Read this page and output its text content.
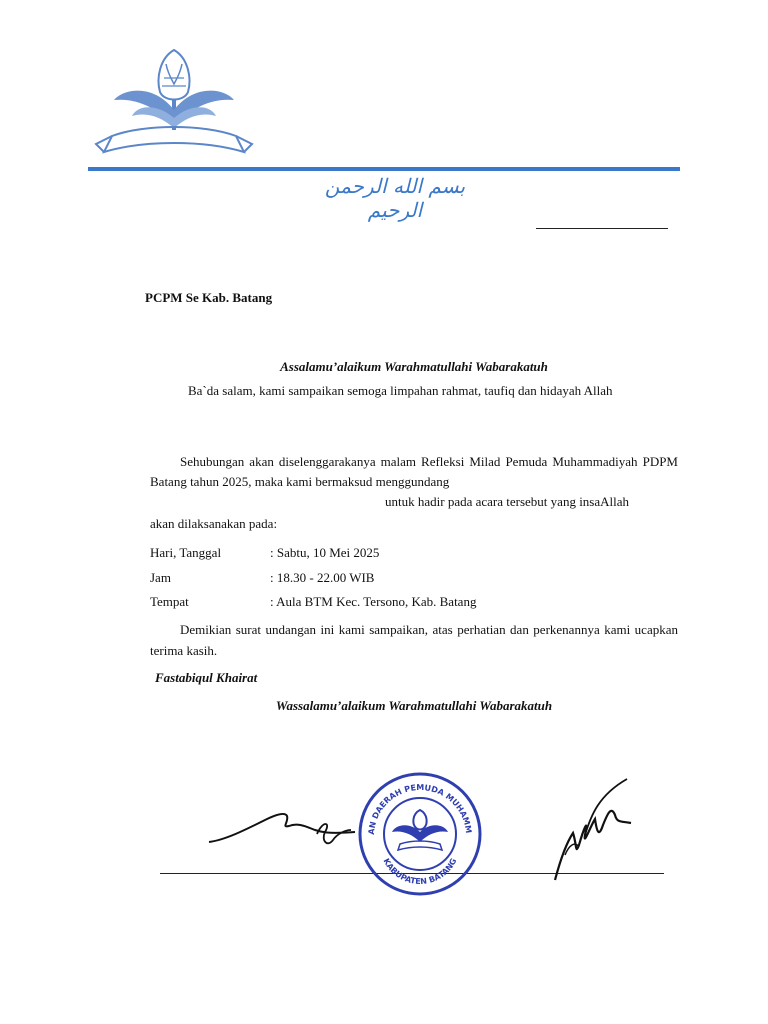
بسم الله الرحمن الرحيم
PCPM Se Kab. Batang
Assalamu’alaikum Warahmatullahi Wabarakatuh
Ba`da salam, kami sampaikan semoga limpahan rahmat, taufiq dan hidayah Allah
Sehubungan akan diselenggarakanya malam Refleksi Milad Pemuda Muhammadiyah PDPM Batang tahun 2025, maka kami bermaksud menggundang
untuk hadir pada acara tersebut yang insaAllah
akan dilaksanakan pada:
Hari, Tanggal	: Sabtu, 10 Mei 2025
Jam	: 18.30 - 22.00 WIB
Tempat	: Aula BTM Kec. Tersono, Kab. Batang
Demikian surat undangan ini kami sampaikan, atas perhatian dan perkenannya kami ucapkan terima kasih.
Fastabiqul Khairat
Wassalamu’alaikum Warahmatullahi Wabarakatuh
AN DAERAH PEMUDA MUHAMM
KABUPATEN BATANG
